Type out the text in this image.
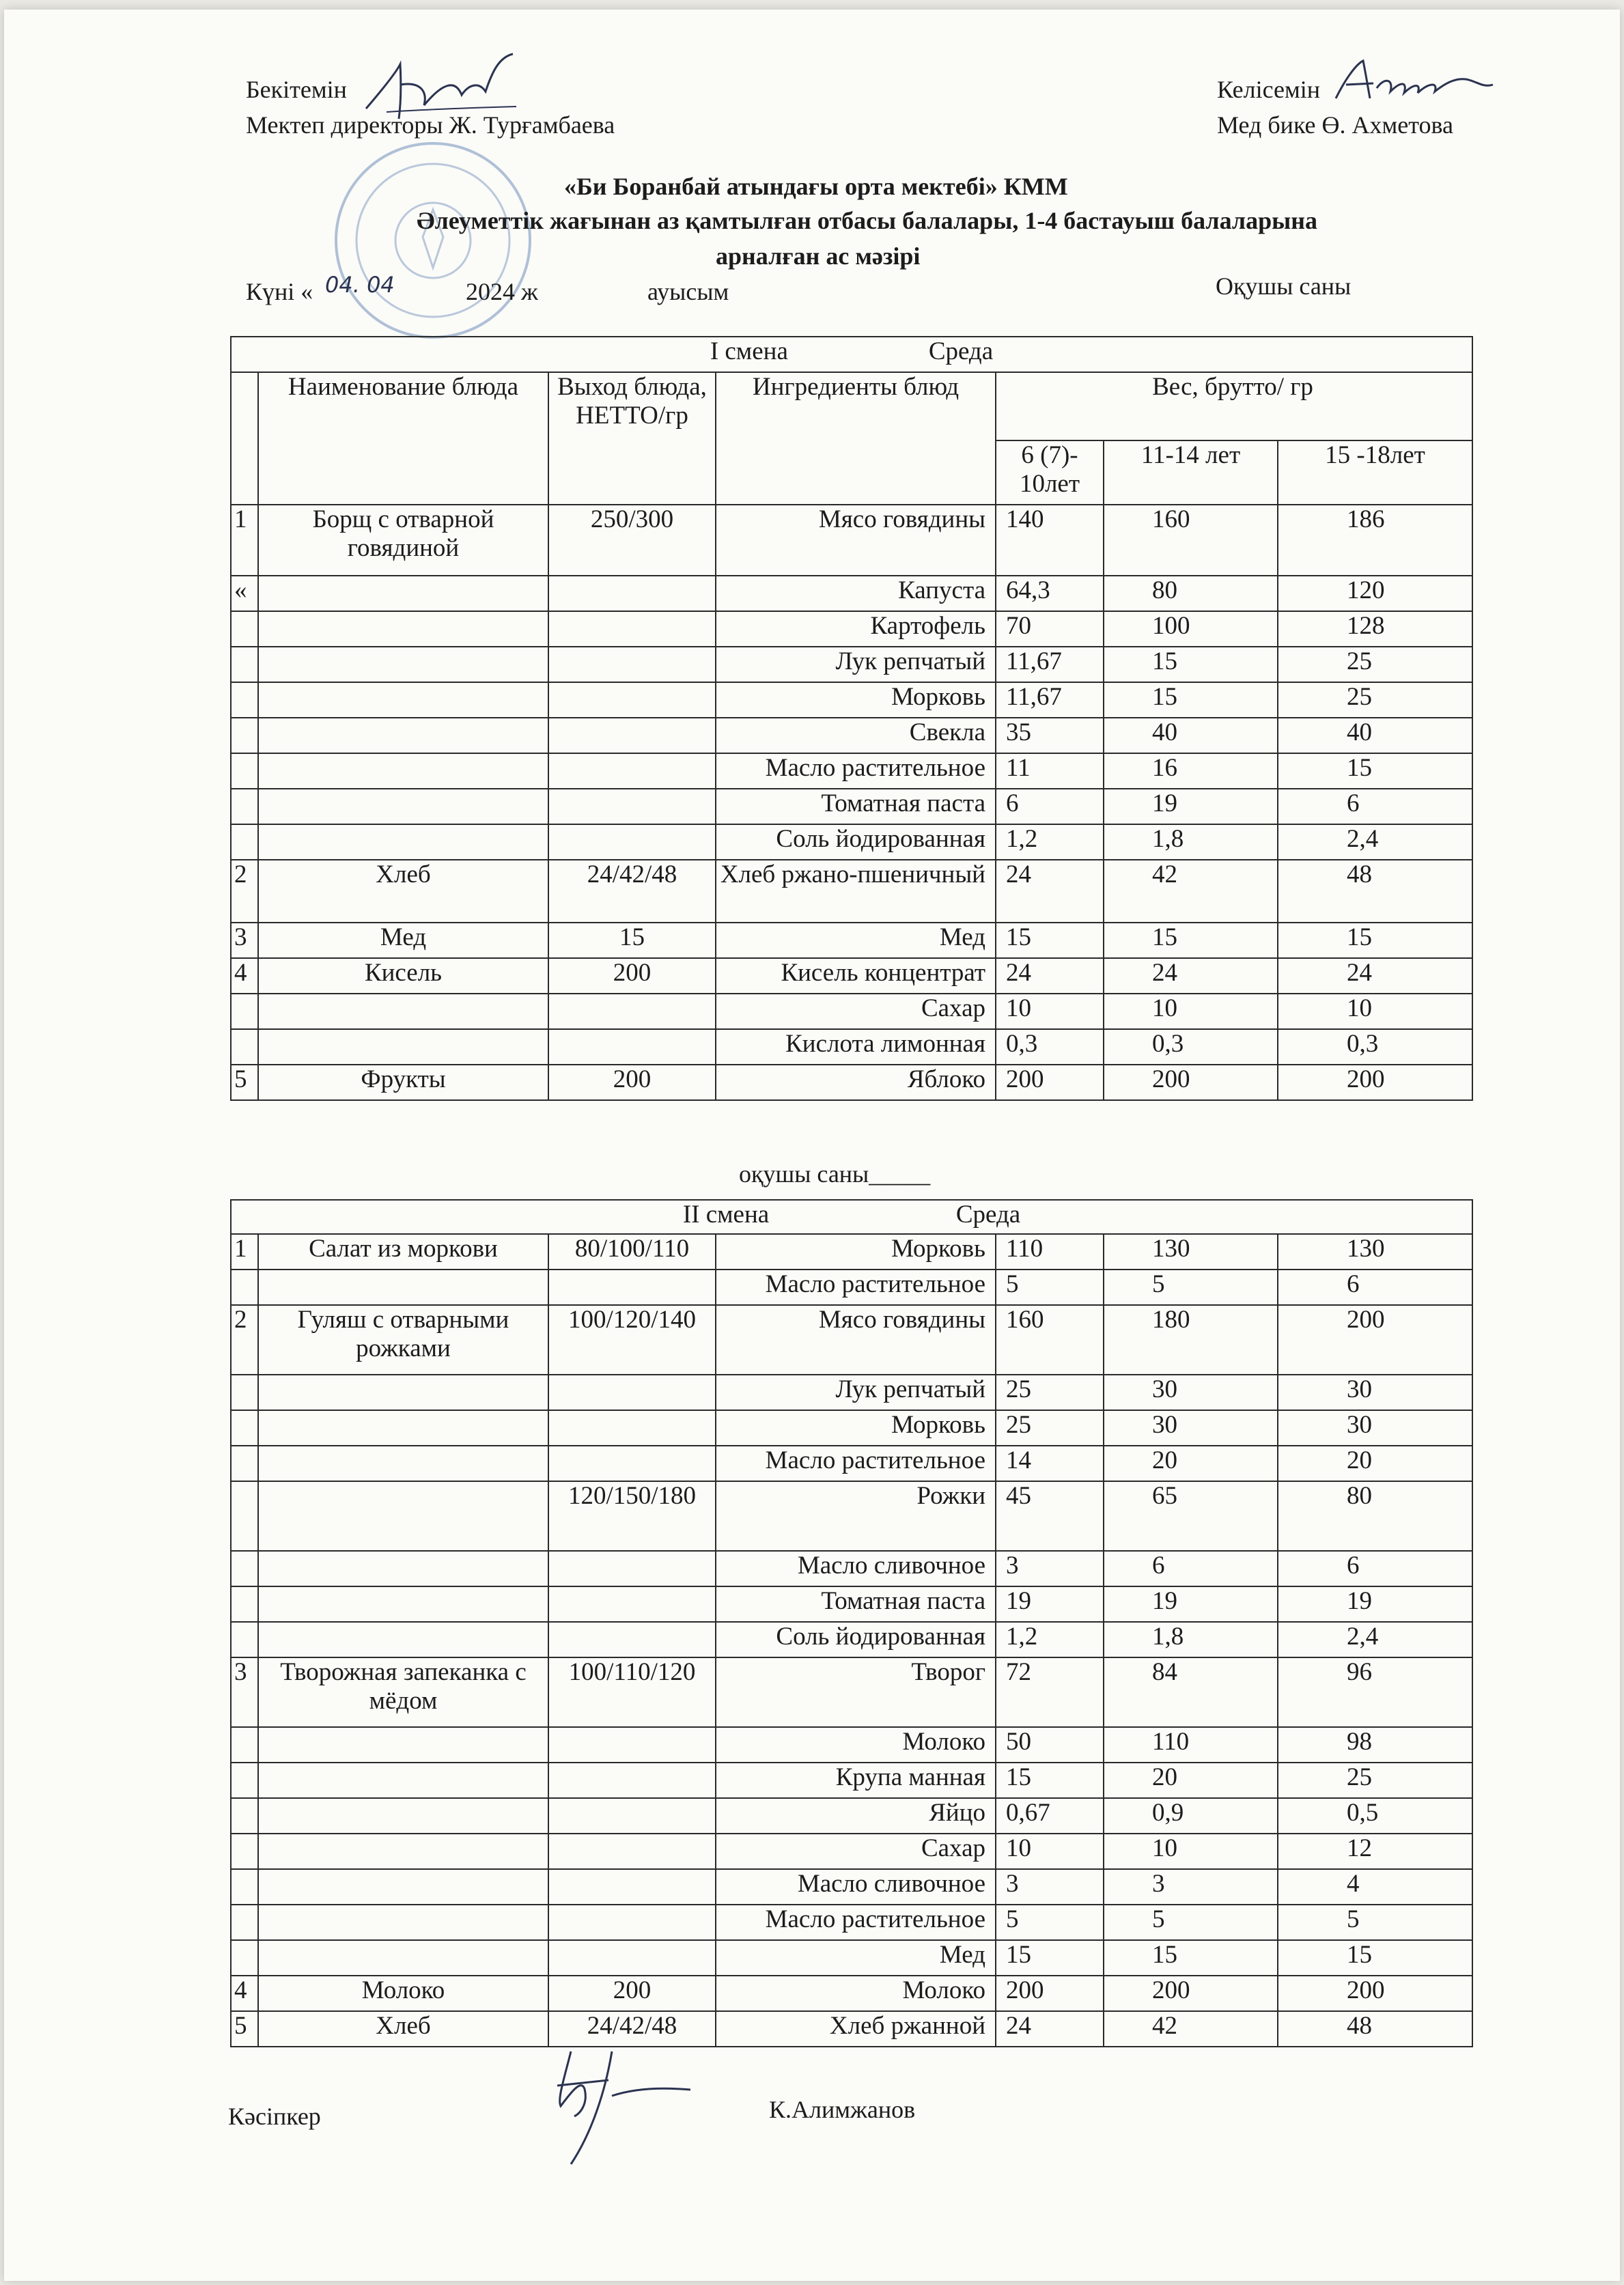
Бекітемін
Мектеп директоры Ж. Турғамбаева
Келісемін
Мед бике Ө. Ахметова
«Би Боранбай атындағы орта мектебі» КММ
Әлеуметтік жағынан аз қамтылған отбасы балалары, 1-4 бастауыш балаларына
арналған ас мәзірі
Күні « 04. 04	2024 ж	ауысым	Оқушы саны
I смена Среда						
	Наименование блюда	Выход блюда, НЕТТО/гр	Ингредиенты блюд	Вес, брутто/ гр		
				6 (7)- 10лет	11-14 лет	15 -18лет
1	Борщ с отварной говядиной	250/300	Мясо говядины	140	160	186
«			Капуста	64,3	80	120
			Картофель	70	100	128
			Лук репчатый	11,67	15	25
			Морковь	11,67	15	25
			Свекла	35	40	40
			Масло растительное	11	16	15
			Томатная паста	6	19	6
			Соль йодированная	1,2	1,8	2,4
2	Хлеб	24/42/48	Хлеб ржано-пшеничный	24	42	48
3	Мед	15	Мед	15	15	15
4	Кисель	200	Кисель концентрат	24	24	24
			Сахар	10	10	10
			Кислота лимонная	0,3	0,3	0,3
5	Фрукты	200	Яблоко	200	200	200
оқушы саны_____
II смена Среда						
1	Салат из моркови	80/100/110	Морковь	110	130	130
			Масло растительное	5	5	6
2	Гуляш с отварными рожками	100/120/140	Мясо говядины	160	180	200
			Лук репчатый	25	30	30
			Морковь	25	30	30
			Масло растительное	14	20	20
		120/150/180	Рожки	45	65	80
			Масло сливочное	3	6	6
			Томатная паста	19	19	19
			Соль йодированная	1,2	1,8	2,4
3	Творожная запеканка с мёдом	100/110/120	Творог	72	84	96
			Молоко	50	110	98
			Крупа манная	15	20	25
			Яйцо	0,67	0,9	0,5
			Сахар	10	10	12
			Масло сливочное	3	3	4
			Масло растительное	5	5	5
			Мед	15	15	15
4	Молоко	200	Молоко	200	200	200
5	Хлеб	24/42/48	Хлеб ржанной	24	42	48
Кәсіпкер	К.Алимжанов
